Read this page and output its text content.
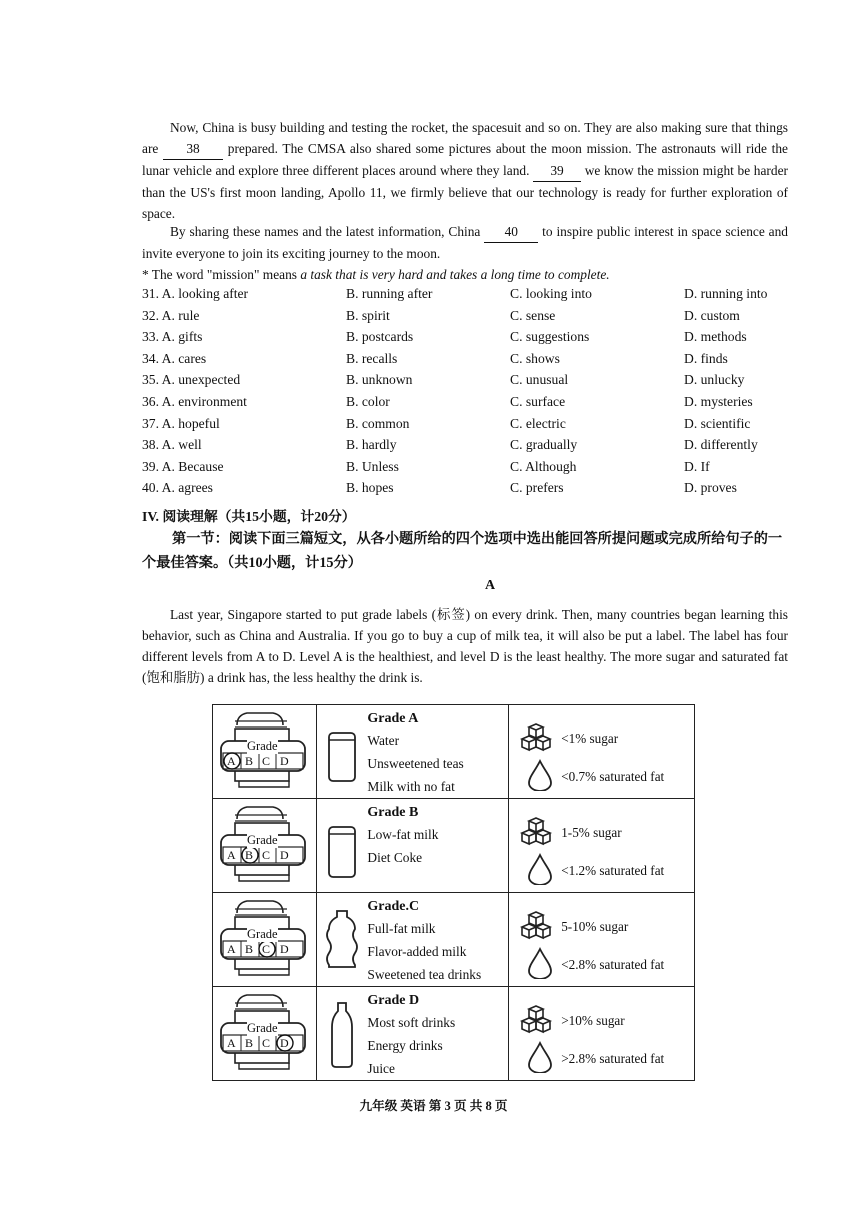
Now, China is busy building and testing the rocket, the spacesuit and so on. They are also making sure that things are 38 prepared. The CMSA also shared some pictures about the moon mission. The astronauts will ride the lunar vehicle and explore three different places around where they land. 39 we know the mission might be harder than the US's first moon landing, Apollo 11, we firmly believe that our technology is ready for further exploration of space.

By sharing these names and the latest information, China 40 to inspire public interest in space science and invite everyone to join its exciting journey to the moon.

* The word "mission" means a task that is very hard and takes a long time to complete.

31. A. looking after	B. running after	C. looking into	D. running into
32. A. rule	B. spirit	C. sense	D. custom
33. A. gifts	B. postcards	C. suggestions	D. methods
34. A. cares	B. recalls	C. shows	D. finds
35. A. unexpected	B. unknown	C. unusual	D. unlucky
36. A. environment	B. color	C. surface	D. mysteries
37. A. hopeful	B. common	C. electric	D. scientific
38. A. well	B. hardly	C. gradually	D. differently
39. A. Because	B. Unless	C. Although	D. If
40. A. agrees	B. hopes	C. prefers	D. proves
IV. 阅读理解（共15小题，计20分）

第一节：阅读下面三篇短文，从各小题所给的四个选项中选出能回答所提问题或完成所给句子的一个最佳答案。（共10小题，计15分）

A

Last year, Singapore started to put grade labels (标签) on every drink. Then, many countries began learning this behavior, such as China and Australia. If you go to buy a cup of milk tea, it will also be put a label. The label has four different levels from A to D. Level A is the healthiest, and level D is the least healthy. The more sugar and saturated fat (饱和脂肪) a drink has, the less healthy the drink is.

Grade
A B C D	Grade A
Water
Unsweetened teas
Milk with no fat	<1% sugar
<0.7% saturated fat

Grade
A B C D	Grade B
Low-fat milk
Diet Coke	1-5% sugar
<1.2% saturated fat

Grade
A B C D	Grade.C
Full-fat milk
Flavor-added milk
Sweetened tea drinks	5-10% sugar
<2.8% saturated fat

Grade
A B C D	Grade D
Most soft drinks
Energy drinks
Juice	>10% sugar
>2.8% saturated fat
九年级 英语 第 3 页 共 8 页
